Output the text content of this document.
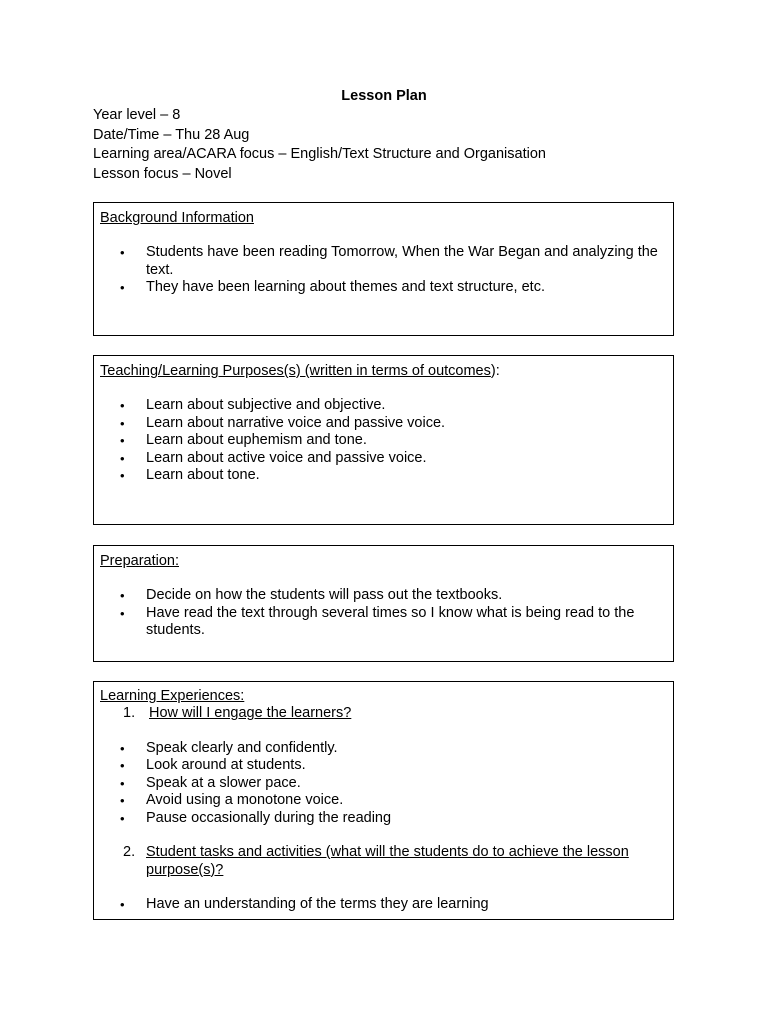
Lesson Plan
Year level – 8
Date/Time – Thu 28 Aug
Learning area/ACARA focus – English/Text Structure and Organisation
Lesson focus – Novel
Background Information
• Students have been reading Tomorrow, When the War Began and analyzing the text.
• They have been learning about themes and text structure, etc.
Teaching/Learning Purposes(s) (written in terms of outcomes):
• Learn about subjective and objective.
• Learn about narrative voice and passive voice.
• Learn about euphemism and tone.
• Learn about active voice and passive voice.
• Learn about tone.
Preparation:
• Decide on how the students will pass out the textbooks.
• Have read the text through several times so I know what is being read to the students.
Learning Experiences:
1. How will I engage the learners?
• Speak clearly and confidently.
• Look around at students.
• Speak at a slower pace.
• Avoid using a monotone voice.
• Pause occasionally during the reading
2. Student tasks and activities (what will the students do to achieve the lesson purpose(s)?
• Have an understanding of the terms they are learning
